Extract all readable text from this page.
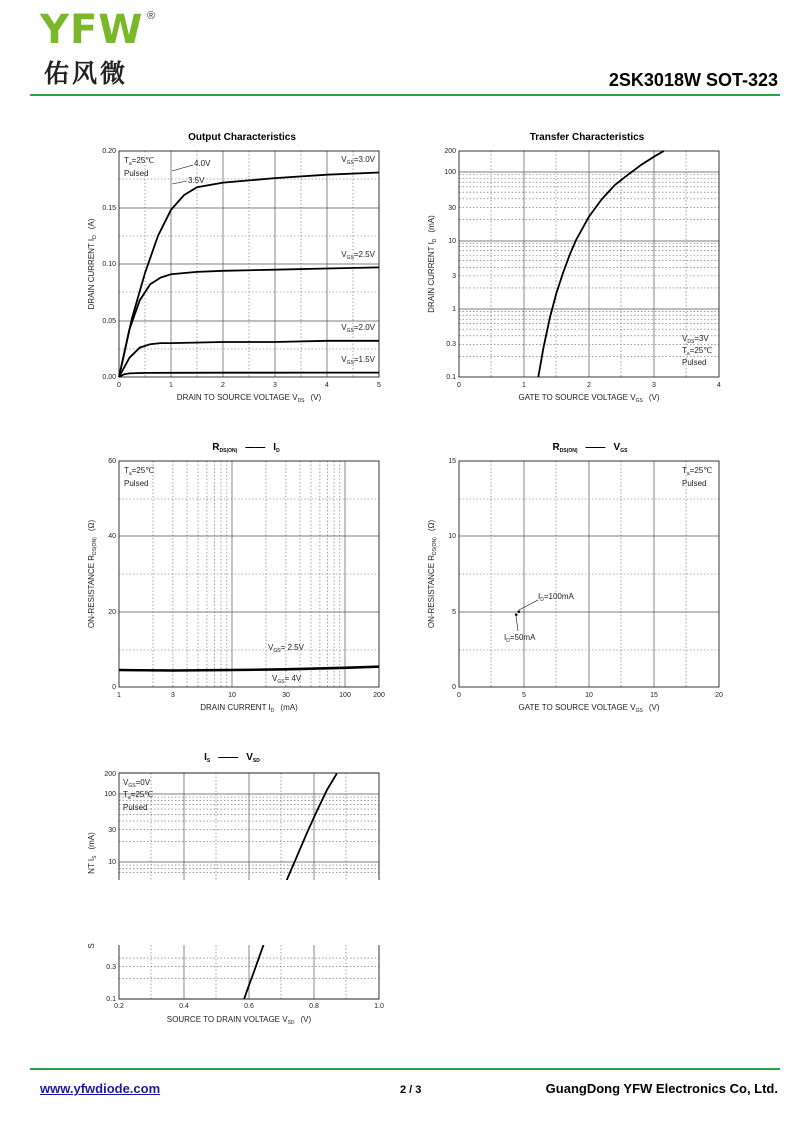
YFW ®
佑风微	2SK3018W SOT-323
Output Characteristics
0	1	2	3	4	5
0.00
0.05
0.10
0.15
0.20
DRAIN TO SOURCE VOLTAGE $V_{DS}$ (V)
DRAIN CURRENT $I_D(A)$
$T_a=25℃$
Pulsed
$V_{GS}=3.0V$
$V_{GS}=2.5V$
$V_{GS}=2.0V$
$V_{GS}=1.5V$
4.0V
3.5V
Transfer Characteristics
0	1	2	3	4
0.1
0.3
1
3
10
30
100
200
GATE TO SOURCE VOLTAGE $V_{GS}$ (V)
DRAIN CURRENT $I_D(mA)$
$V_{DS}=3V$
$T_a=25℃$
Pulsed
$R_{DS(ON)}$ —— $I_D$
1	3	10	30	100	200
0
20
40
60
DRAIN CURRENT $I_D$ (mA)
ON-RESISTANCE $R_{DS(ON)}(\Omega)$
$T_a=25℃$
Pulsed
$V_{GS}= 2.5V$
$V_{GS}= 4V$
$R_{DS(ON)}$ —— $V_{GS}$
0	5	10	15	20
0
5
10
15
GATE TO SOURCE VOLTAGE $V_{GS}$ (V)
ON-RESISTANCE $R_{DS(ON)}(\Omega)$
$T_a=25℃$
Pulsed
$I_D=100mA$
$I_D=50mA$
$I_S$ —— $V_{SD}$
0.2	0.4	0.6	0.8	1.0
10
30
100
200
0.1
0.3
SOURCE TO DRAIN VOLTAGE $V_{SD}$ (V)
NT $I_S(mA)$
S
$V_{GS}=0V$
$T_a=25℃$
Pulsed
www.yfwdiode.com	2 / 3	GuangDong YFW Electronics Co, Ltd.
